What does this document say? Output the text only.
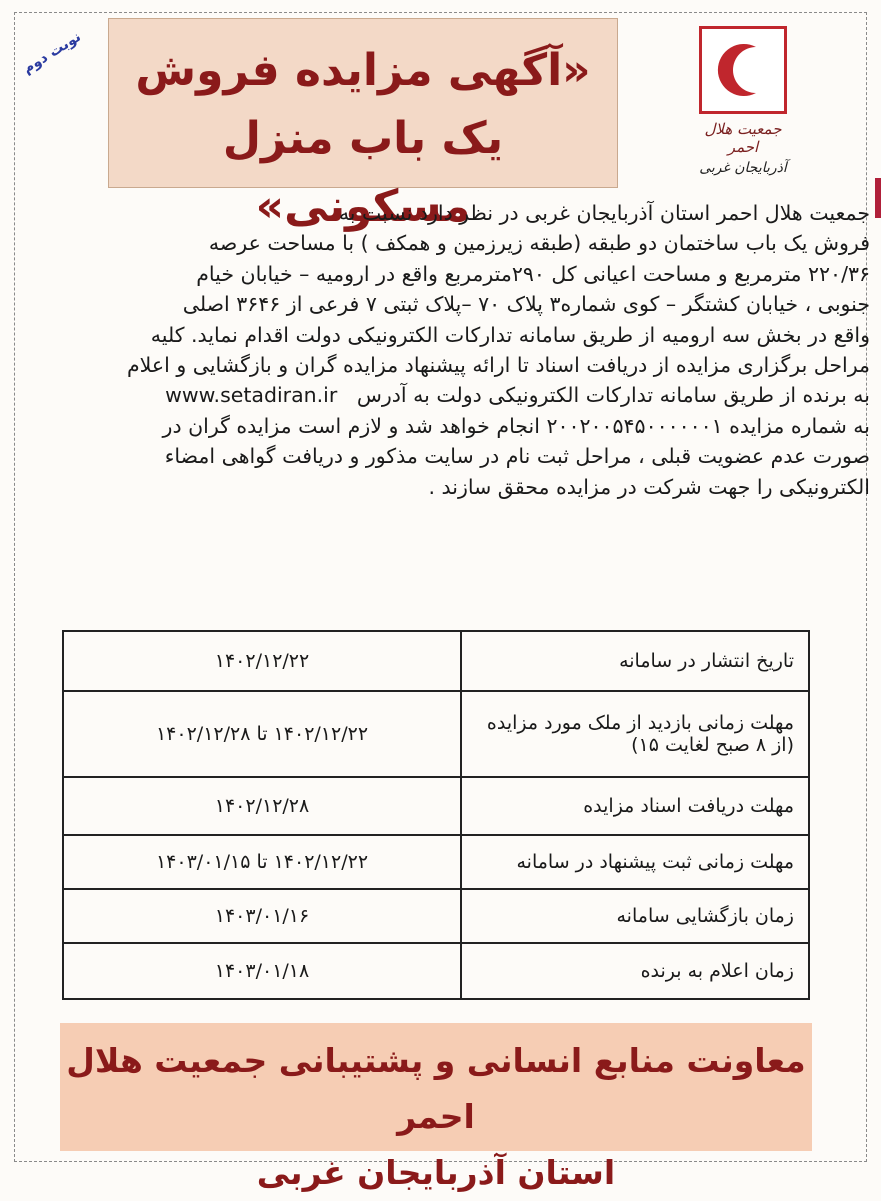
نوبت دوم	«آگهی مزایده فروش
یک باب منزل مسکونی»
جمعیت هلال احمر
آذربایجان غربی
جمعیت هلال احمر استان آذربایجان غربی در نظر دارد نسبت به
فروش یک باب ساختمان دو طبقه (طبقه زیرزمین و همکف ) با مساحت عرصه
۲۲۰/۳۶ مترمربع و مساحت اعیانی کل ۲۹۰مترمربع واقع در ارومیه – خیابان خیام
جنوبی ، خیابان کشتگر – کوی شماره۳ پلاک ۷۰ –پلاک ثبتی ۷ فرعی از ۳۶۴۶ اصلی
واقع در بخش سه ارومیه از طریق سامانه تدارکات الکترونیکی دولت اقدام نماید. کلیه
مراحل برگزاری مزایده از دریافت اسناد تا ارائه پیشنهاد مزایده گران و بازگشایی و اعلام
به برنده از طریق سامانه تدارکات الکترونیکی دولت به آدرس   www.setadiran.ir
به شماره مزایده ۲۰۰۲۰۰۵۴۵۰۰۰۰۰۰۱ انجام خواهد شد و لازم است مزایده گران در
صورت عدم عضویت قبلی ، مراحل ثبت نام در سایت مذکور و دریافت گواهی امضاء
الکترونیکی را جهت شرکت در مزایده محقق سازند .
تاریخ انتشار در سامانه	۱۴۰۲/۱۲/۲۲

مهلت زمانی بازدید از ملک مورد مزایده
(از ۸ صبح لغایت ۱۵)	۱۴۰۲/۱۲/۲۲ تا ۱۴۰۲/۱۲/۲۸
مهلت دریافت اسناد مزایده	۱۴۰۲/۱۲/۲۸
مهلت زمانی ثبت پیشنهاد در سامانه	۱۴۰۲/۱۲/۲۲ تا ۱۴۰۳/۰۱/۱۵
زمان بازگشایی سامانه	۱۴۰۳/۰۱/۱۶
زمان اعلام به برنده	۱۴۰۳/۰۱/۱۸
معاونت منابع انسانی و پشتیبانی جمعیت هلال احمر
استان آذربایجان غربی
